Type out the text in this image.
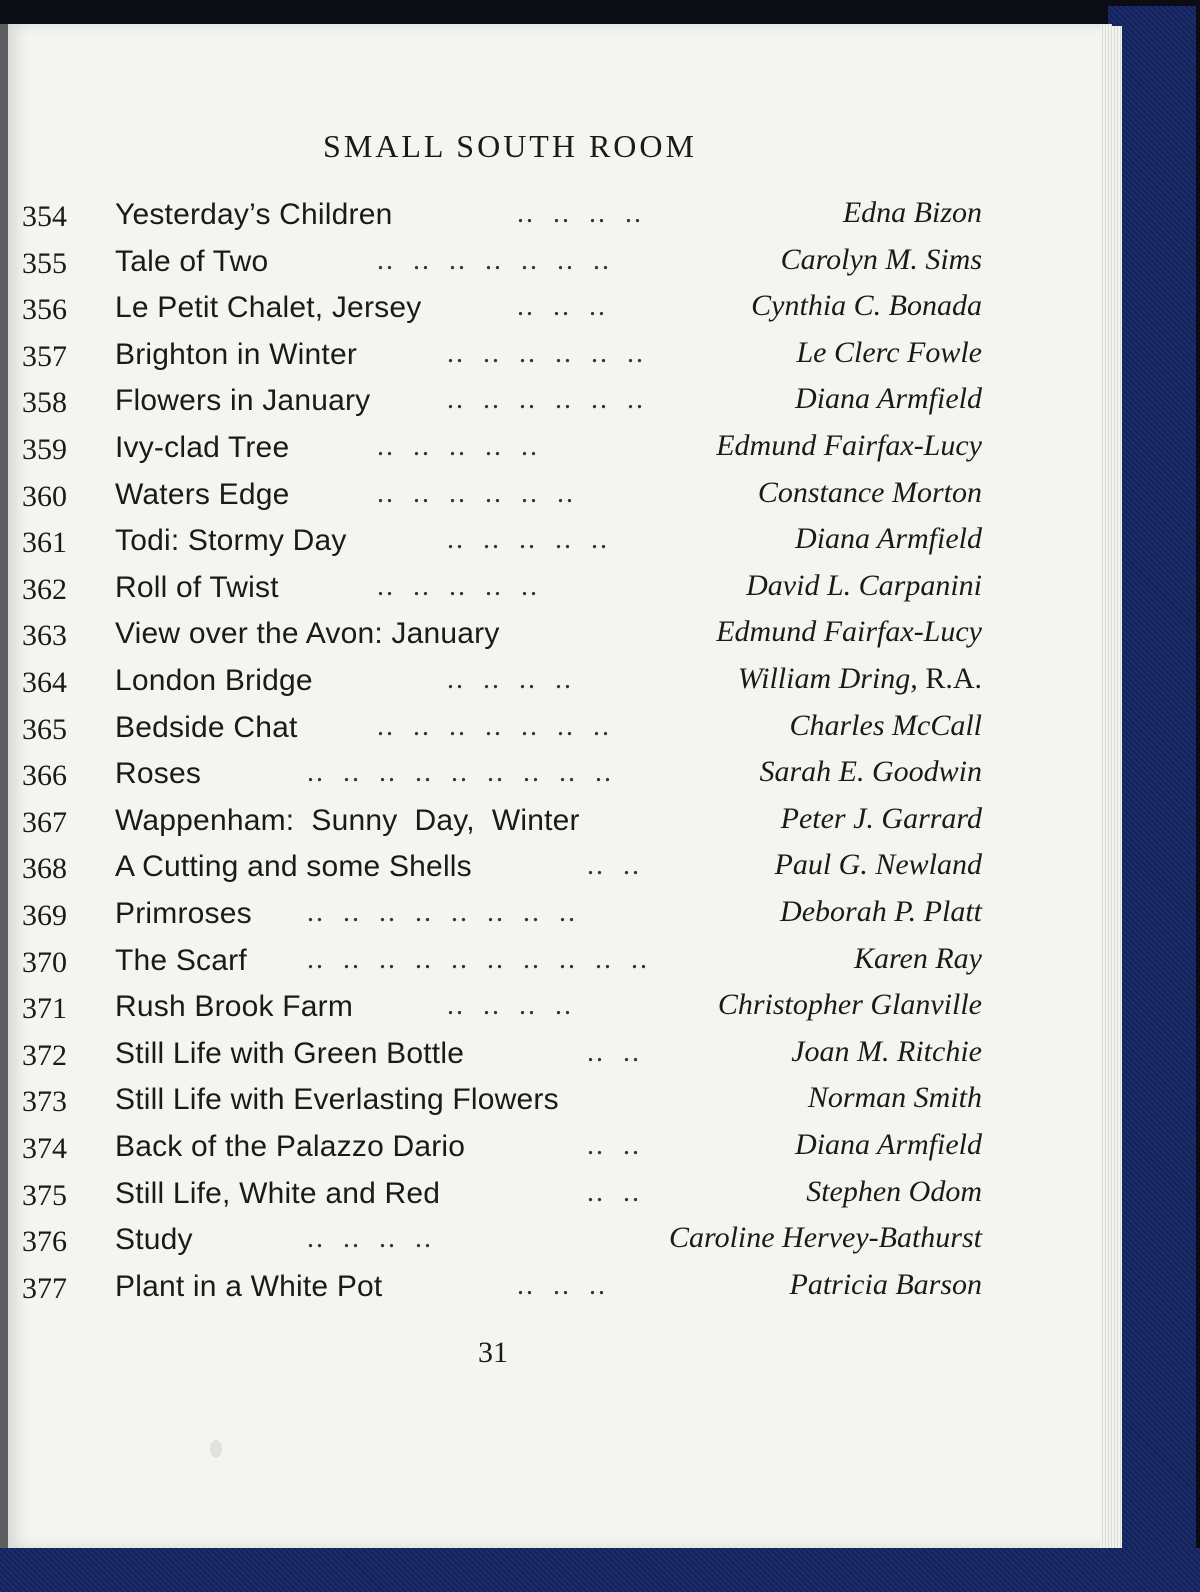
SMALL SOUTH ROOM
354 Yesterday’s Children	..  ..  ..  ..	Edna Bizon
355 Tale of Two	..  ..  ..  ..  ..  ..  ..	Carolyn M. Sims
356 Le Petit Chalet, Jersey	..  ..  ..	Cynthia C. Bonada
357 Brighton in Winter	..  ..  ..  ..  ..  ..	Le Clerc Fowle
358 Flowers in January	..  ..  ..  ..  ..  ..	Diana Armfield
359 Ivy-clad Tree	..  ..  ..  ..  ..	Edmund Fairfax-Lucy
360 Waters Edge	..  ..  ..  ..  ..  ..	Constance Morton
361 Todi: Stormy Day	..  ..  ..  ..  ..	Diana Armfield
362 Roll of Twist	..  ..  ..  ..  ..	David L. Carpanini
363 View over the Avon: January	Edmund Fairfax-Lucy
364 London Bridge	..  ..  ..  ..	William Dring, R.A.
365 Bedside Chat	..  ..  ..  ..  ..  ..  ..	Charles McCall
366 Roses	..  ..  ..  ..  ..  ..  ..  ..  ..	Sarah E. Goodwin
367 Wappenham:  Sunny  Day,  Winter	Peter J. Garrard
368 A Cutting and some Shells	..  ..	Paul G. Newland
369 Primroses ..  ..  ..  ..  ..  ..  ..  ..	Deborah P. Platt
370 The Scarf ..  ..  ..  ..  ..  ..  ..  ..  ..  ..	Karen Ray
371 Rush Brook Farm	..  ..  ..  ..	Christopher Glanville
372 Still Life with Green Bottle	..  ..	Joan M. Ritchie
373 Still Life with Everlasting Flowers	Norman Smith
374 Back of the Palazzo Dario	..  ..	Diana Armfield
375 Still Life, White and Red	..  ..	Stephen Odom
376 Study	..  ..  ..  ..	Caroline Hervey-Bathurst
377 Plant in a White Pot	..  ..  ..	Patricia Barson
31
